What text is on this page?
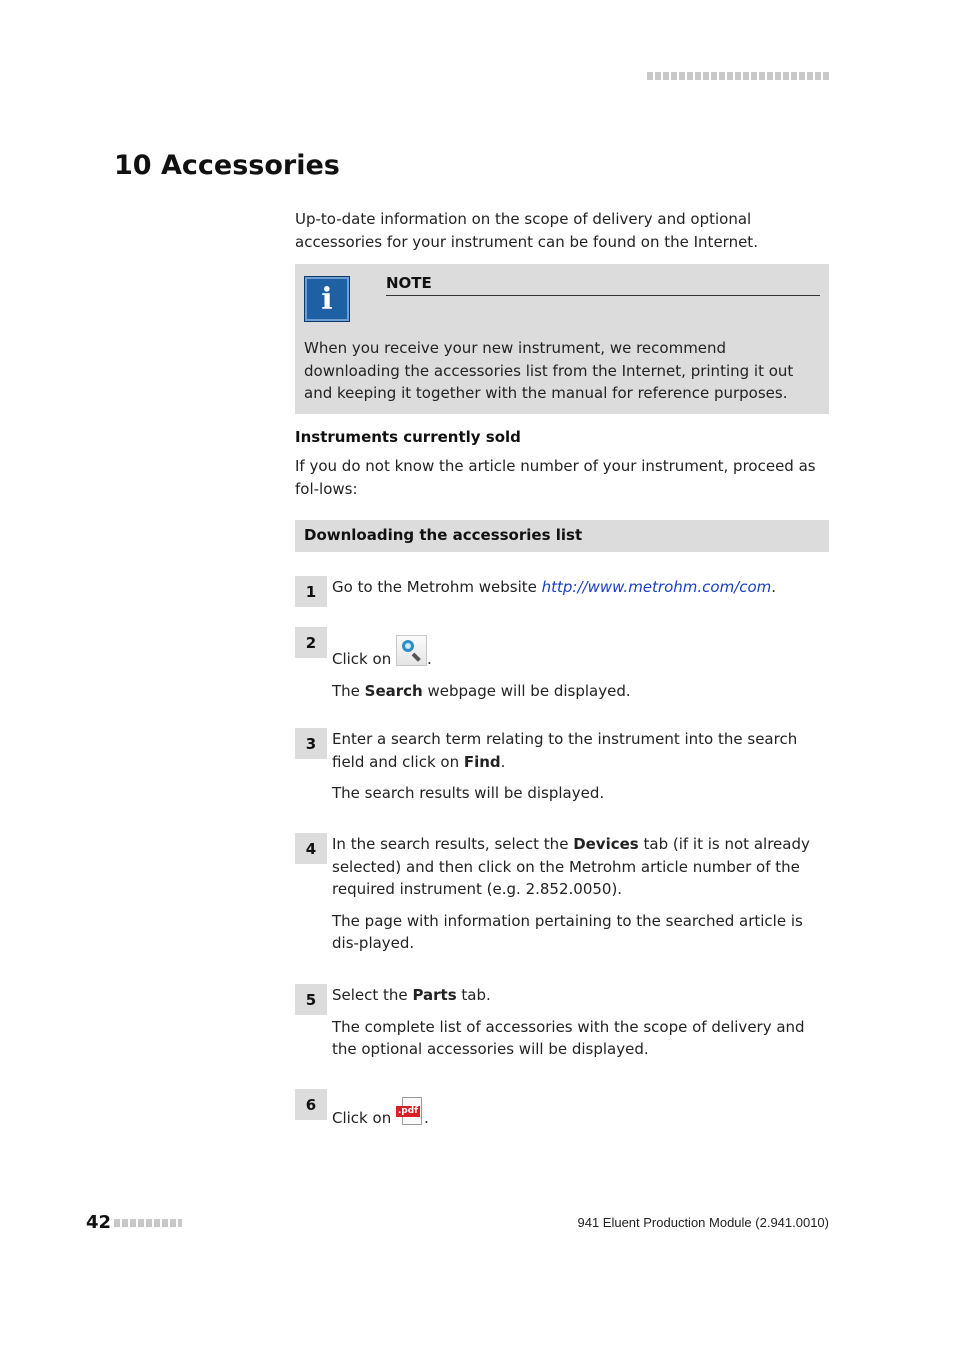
10 Accessories

Up-to-date information on the scope of delivery and optional accessories for your instrument can be found on the Internet.

i	NOTE

When you receive your new instrument, we recommend downloading the accessories list from the Internet, printing it out and keeping it together with the manual for reference purposes.

Instruments currently sold

If you do not know the article number of your instrument, proceed as fol-lows:

Downloading the accessories list
1	Go to the Metrohm website http://www.metrohm.com/com.

2

Click on
.

The Search webpage will be displayed.

3	Enter a search term relating to the instrument into the search field and click on Find.

The search results will be displayed.

4	In the search results, select the Devices tab (if it is not already selected) and then click on the Metrohm article number of the required instrument (e.g. 2.852.0050).

The page with information pertaining to the searched article is dis-played.

5	Select the Parts tab.

The complete list of accessories with the scope of delivery and the optional accessories will be displayed.

6

Click on .pdf .

42	941 Eluent Production Module (2.941.0010)
